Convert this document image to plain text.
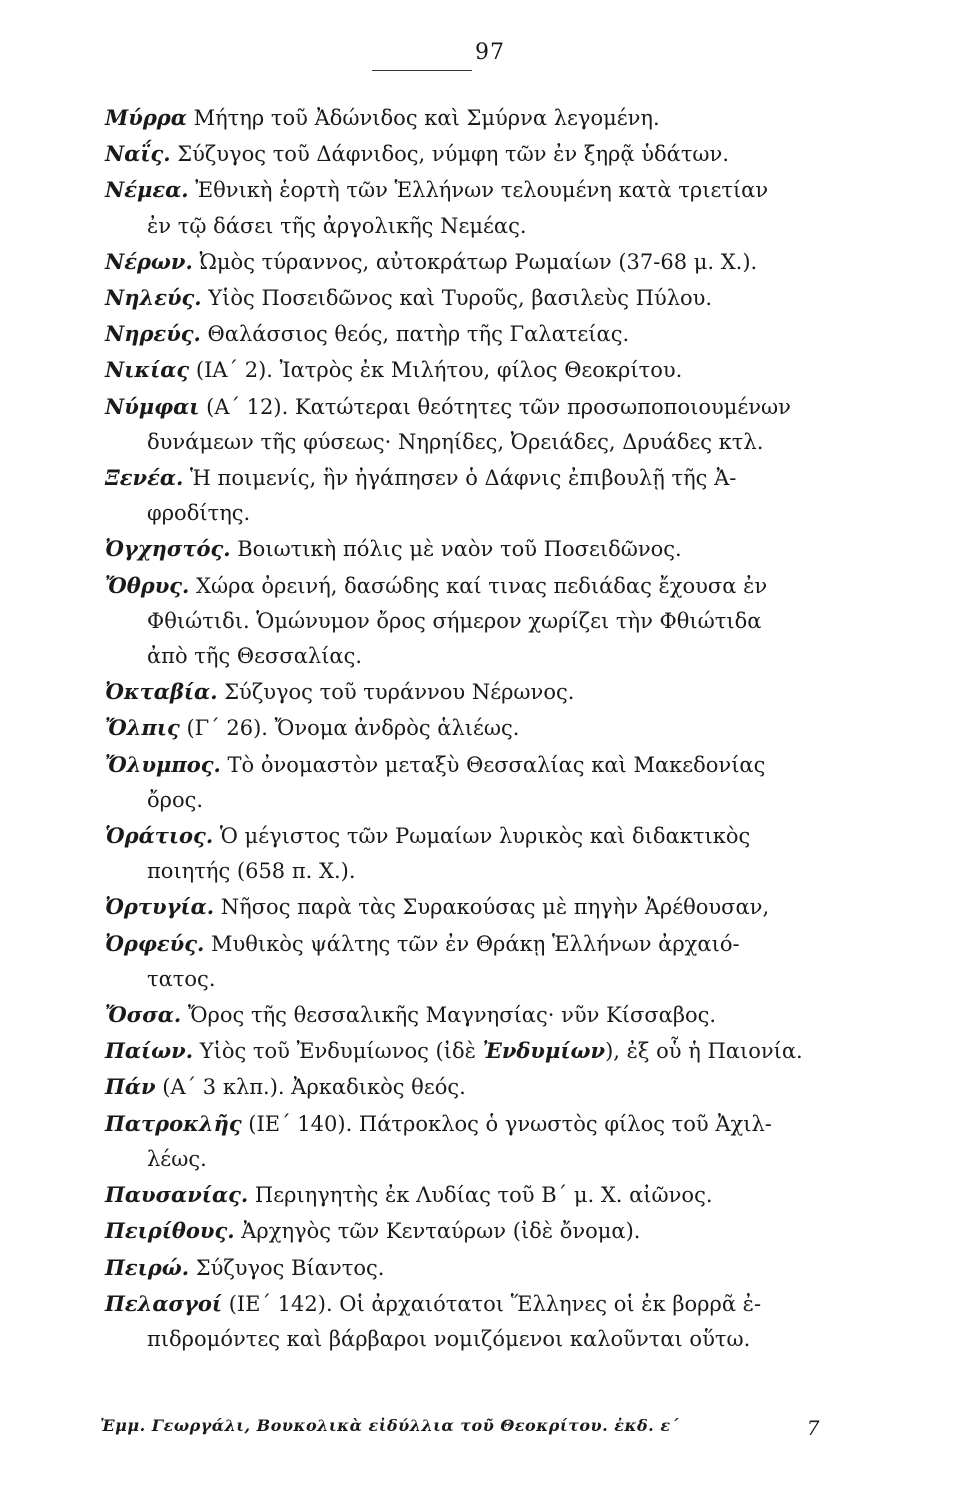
97

Μύρρα Μήτηρ τοῦ Ἀδώνιδος καὶ Σμύρνα λεγομένη.

Ναΐς. Σύζυγος τοῦ Δάφνιδος, νύμφη τῶν ἐν ξηρᾷ ὑδάτων.

Νέμεα. Ἐθνικὴ ἑορτὴ τῶν Ἑλλήνων τελουμένη κατὰ τριετίαν
ἐν τῷ δάσει τῆς ἀργολικῆς Νεμέας.

Νέρων. Ὠμὸς τύραννος, αὐτοκράτωρ Ρωμαίων (37-68 μ. Χ.).

Νηλεύς. Υἱὸς Ποσειδῶνος καὶ Τυροῦς, βασιλεὺς Πύλου.

Νηρεύς. Θαλάσσιος θεός, πατὴρ τῆς Γαλατείας.

Νικίας (ΙΑ΄ 2). Ἰατρὸς ἐκ Μιλήτου, φίλος Θεοκρίτου.

Νύμφαι (Α΄ 12). Κατώτεραι θεότητες τῶν προσωποποιουμένων
δυνάμεων τῆς φύσεως· Νηρηίδες, Ὀρειάδες, Δρυάδες κτλ.

Ξενέα. Ἡ ποιμενίς, ἣν ἠγάπησεν ὁ Δάφνις ἐπιβουλῇ τῆς Ἀ-
φροδίτης.

Ὀγχηστός. Βοιωτικὴ πόλις μὲ ναὸν τοῦ Ποσειδῶνος.

Ὄθρυς. Χώρα ὀρεινή, δασώδης καί τινας πεδιάδας ἔχουσα ἐν
Φθιώτιδι. Ὁμώνυμον ὄρος σήμερον χωρίζει τὴν Φθιώτιδα
ἀπὸ τῆς Θεσσαλίας.

Ὀκταβία. Σύζυγος τοῦ τυράννου Νέρωνος.

Ὄλπις (Γ΄ 26). Ὄνομα ἀνδρὸς ἁλιέως.

Ὄλυμπος. Τὸ ὀνομαστὸν μεταξὺ Θεσσαλίας καὶ Μακεδονίας
ὄρος.

Ὁράτιος. Ὁ μέγιστος τῶν Ρωμαίων λυρικὸς καὶ διδακτικὸς
ποιητής (658 π. Χ.).

Ὀρτυγία. Νῆσος παρὰ τὰς Συρακούσας μὲ πηγὴν Ἀρέθουσαν,

Ὀρφεύς. Μυθικὸς ψάλτης τῶν ἐν Θράκῃ Ἑλλήνων ἀρχαιό-
τατος.

Ὄσσα. Ὄρος τῆς θεσσαλικῆς Μαγνησίας· νῦν Κίσσαβος.

Παίων. Υἱὸς τοῦ Ἐνδυμίωνος (ἰδὲ Ἐνδυμίων), ἐξ οὗ ἡ Παιονία.

Πάν (Α΄ 3 κλπ.). Ἀρκαδικὸς θεός.

Πατροκλῆς (ΙΕ΄ 140). Πάτροκλος ὁ γνωστὸς φίλος τοῦ Ἀχιλ-
λέως.

Παυσανίας. Περιηγητὴς ἐκ Λυδίας τοῦ Β΄ μ. Χ. αἰῶνος.

Πειρίθους. Ἀρχηγὸς τῶν Κενταύρων (ἰδὲ ὄνομα).

Πειρώ. Σύζυγος Βίαντος.

Πελασγοί (ΙΕ΄ 142). Οἱ ἀρχαιότατοι Ἕλληνες οἱ ἐκ βορρᾶ ἐ-
πιδρομόντες καὶ βάρβαροι νομιζόμενοι καλοῦνται οὕτω.

Ἐμμ. Γεωργάλι, Βουκολικὰ εἰδύλλια τοῦ Θεοκρίτου. ἐκδ. ε΄	7
